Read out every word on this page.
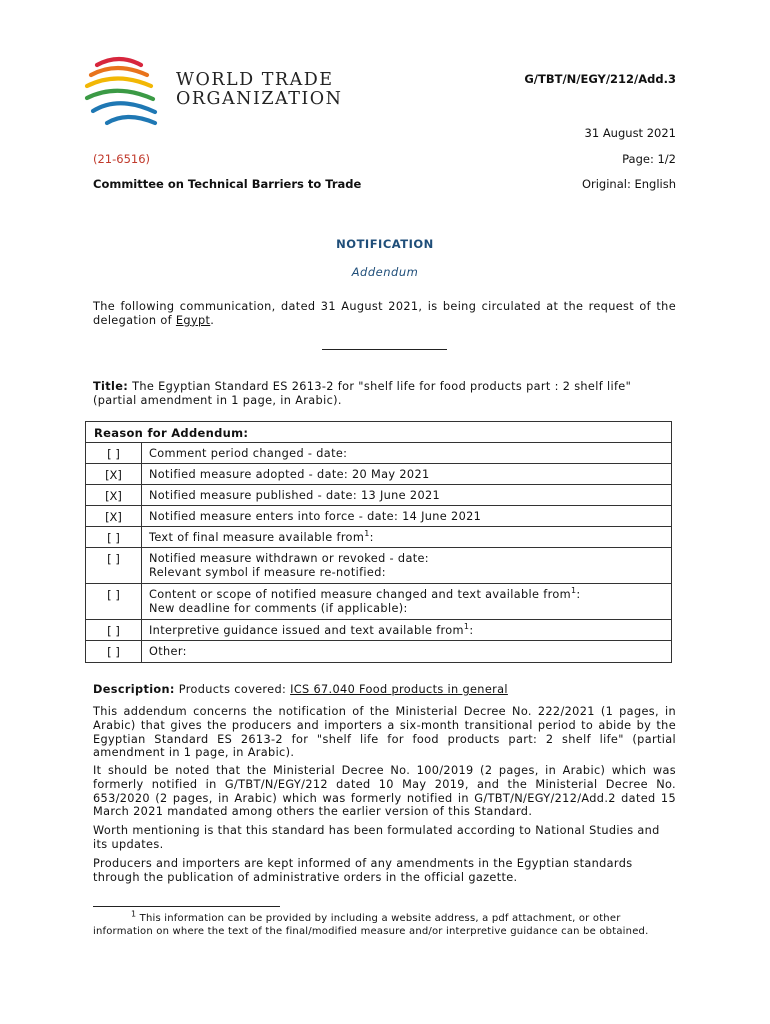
WORLD TRADE
ORGANIZATION
G/TBT/N/EGY/212/Add.3
31 August 2021
(21-6516)	Page: 1/2
Committee on Technical Barriers to Trade	Original: English
NOTIFICATION
Addendum
The following communication, dated 31 August 2021, is being circulated at the request of the delegation of Egypt.
Title: The Egyptian Standard ES 2613-2 for "shelf life for food products part : 2 shelf life" (partial amendment in 1 page, in Arabic).
Reason for Addendum:
[ ]	Comment period changed - date:
[X]	Notified measure adopted - date: 20 May 2021
[X]	Notified measure published - date: 13 June 2021
[X]	Notified measure enters into force - date: 14 June 2021
[ ]	Text of final measure available from$^1$:
[ ]	Notified measure withdrawn or revoked - date:
Relevant symbol if measure re-notified:
[ ]	Content or scope of notified measure changed and text available from$^1$:
New deadline for comments (if applicable):
[ ]	Interpretive guidance issued and text available from$^1$:
[ ]	Other:
Description: Products covered: ICS 67.040 Food products in general
This addendum concerns the notification of the Ministerial Decree No. 222/2021 (1 pages, in Arabic) that gives the producers and importers a six-month transitional period to abide by the Egyptian Standard ES 2613-2 for "shelf life for food products part: 2 shelf life" (partial amendment in 1 page, in Arabic).
It should be noted that the Ministerial Decree No. 100/2019 (2 pages, in Arabic) which was formerly notified in G/TBT/N/EGY/212 dated 10 May 2019, and the Ministerial Decree No. 653/2020 (2 pages, in Arabic) which was formerly notified in G/TBT/N/EGY/212/Add.2 dated 15 March 2021 mandated among others the earlier version of this Standard.
Worth mentioning is that this standard has been formulated according to National Studies and its updates.
Producers and importers are kept informed of any amendments in the Egyptian standards through the publication of administrative orders in the official gazette.
$^1$ This information can be provided by including a website address, a pdf attachment, or other information on where the text of the final/modified measure and/or interpretive guidance can be obtained.
